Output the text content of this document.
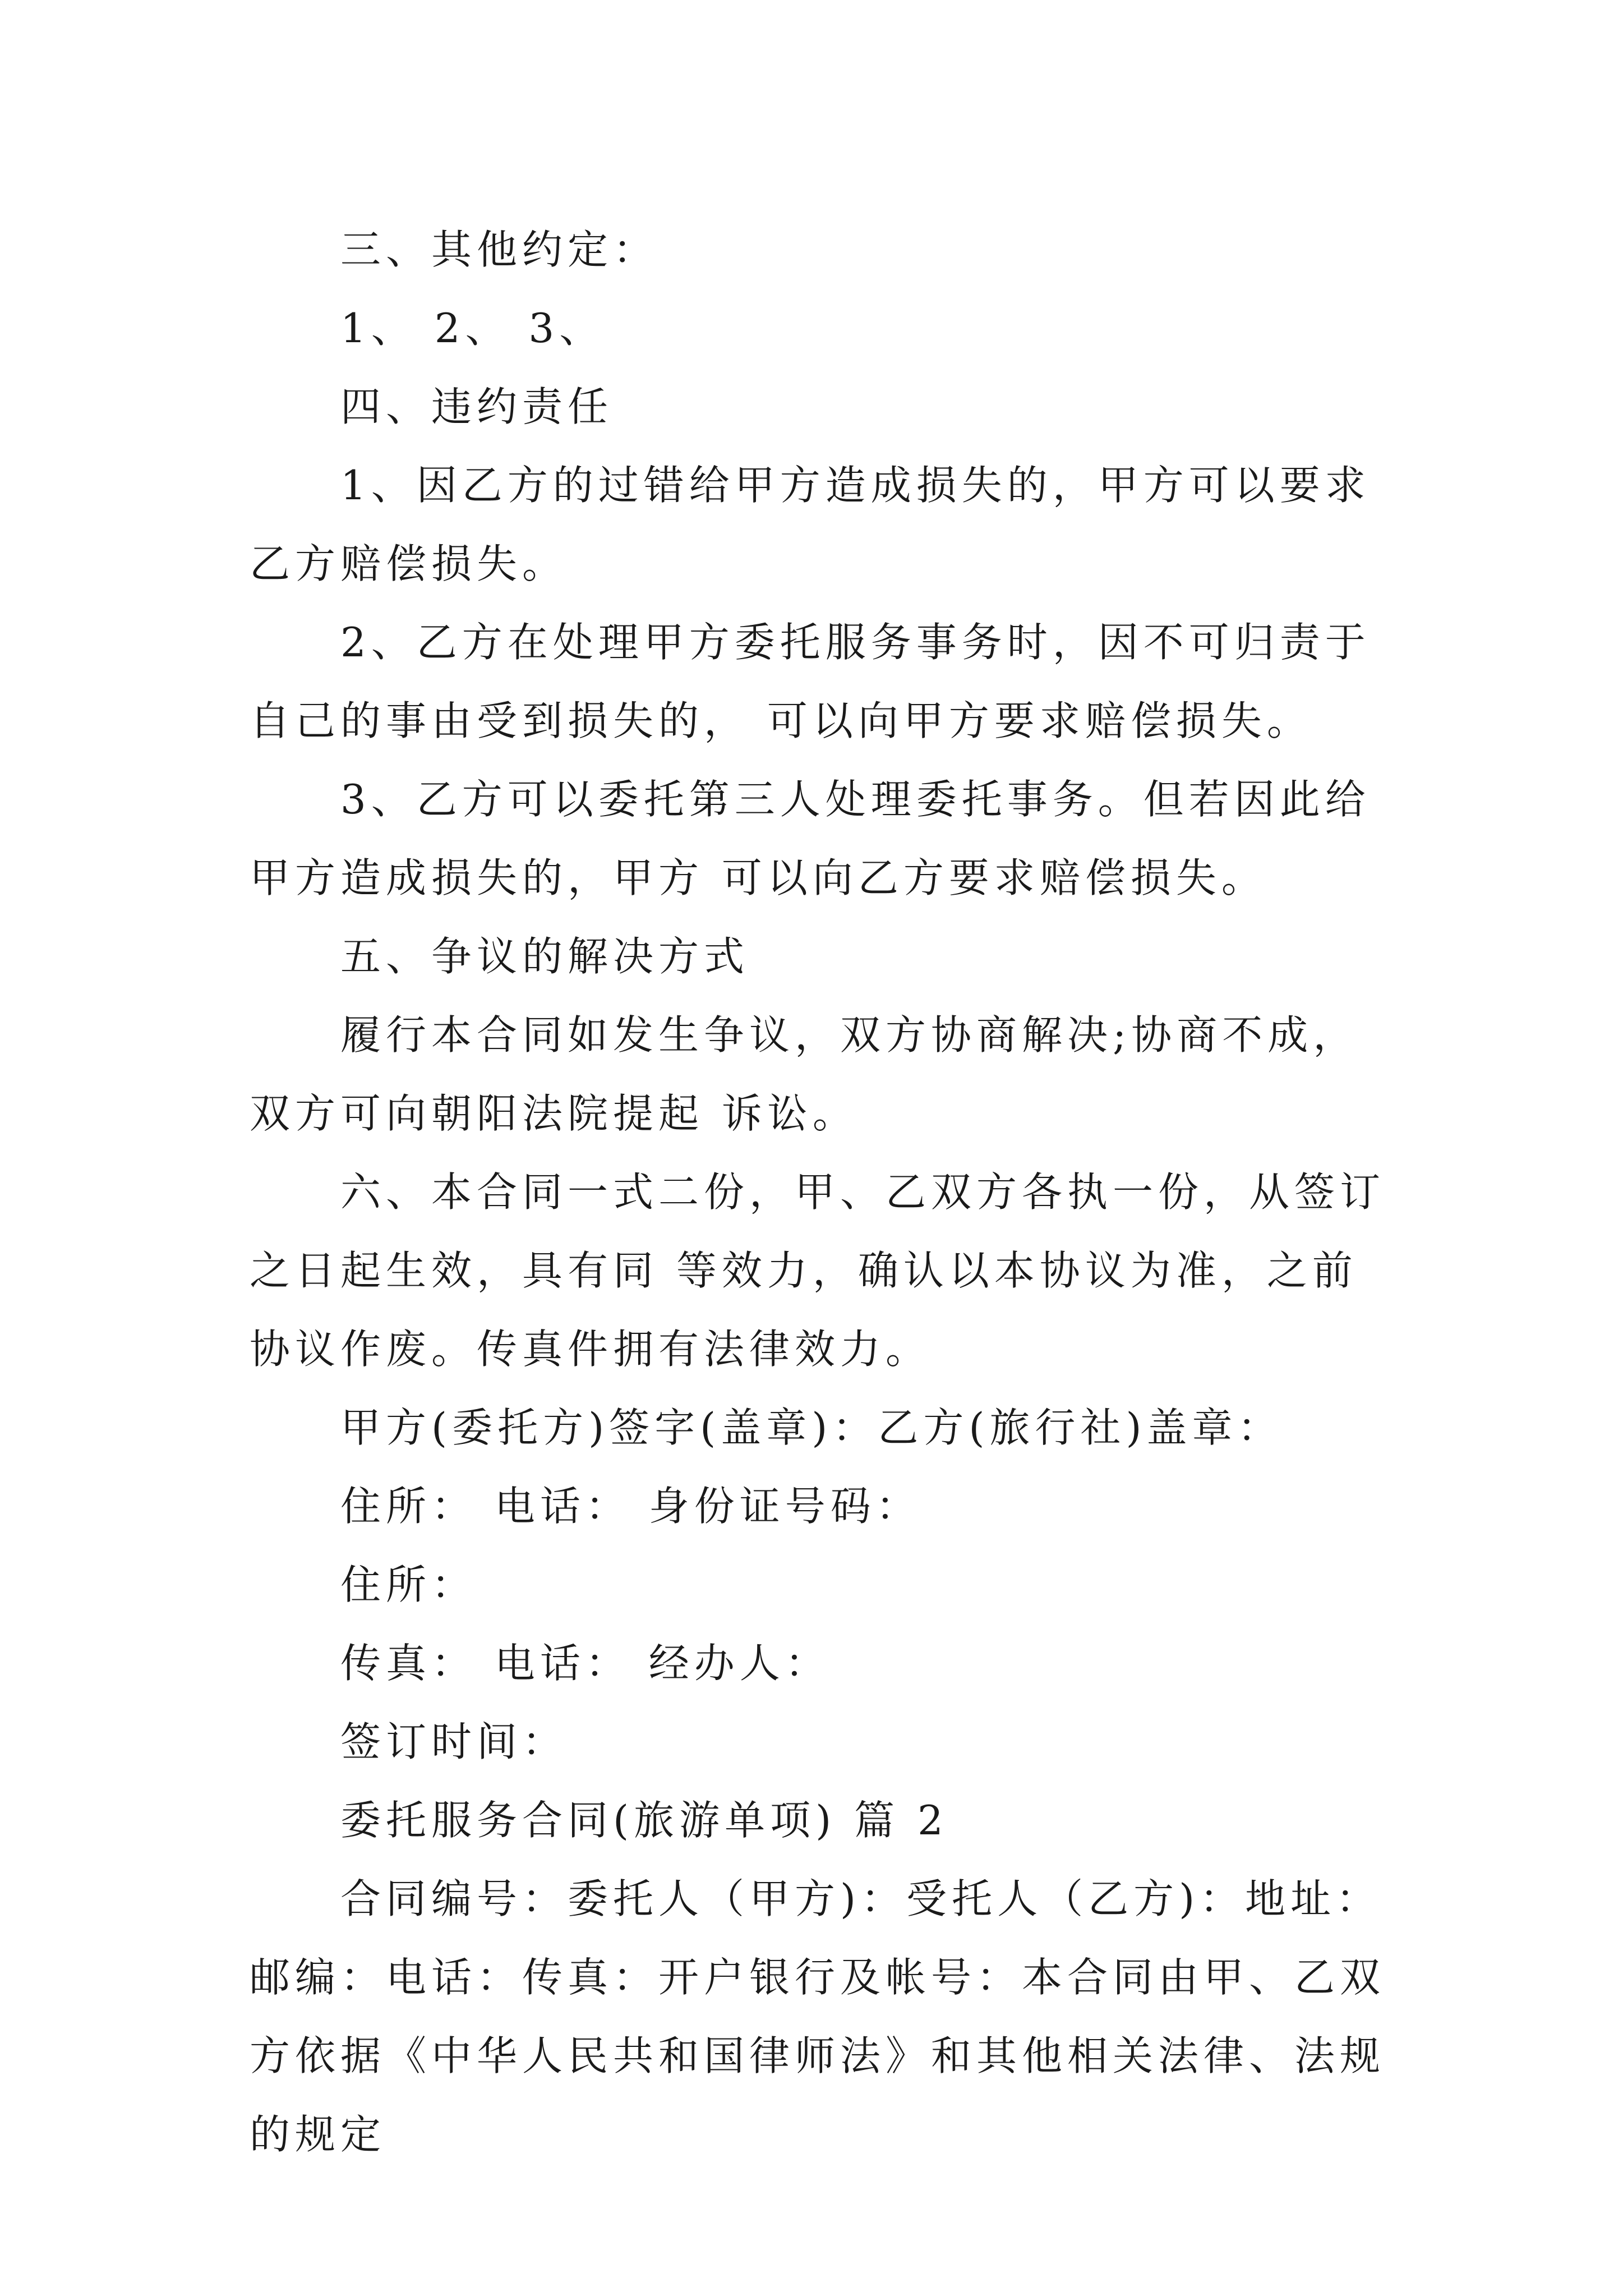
三、其他约定：

1、 2、 3、

四、违约责任

1、因乙方的过错给甲方造成损失的，甲方可以要求乙方赔偿损失。

2、乙方在处理甲方委托服务事务时，因不可归责于自己的事由受到损失的， 可以向甲方要求赔偿损失。

3、乙方可以委托第三人处理委托事务。但若因此给甲方造成损失的，甲方 可以向乙方要求赔偿损失。

五、争议的解决方式

履行本合同如发生争议，双方协商解决;协商不成，双方可向朝阳法院提起 诉讼。

六、本合同一式二份，甲、乙双方各执一份，从签订之日起生效，具有同 等效力，确认以本协议为准，之前协议作废。传真件拥有法律效力。

甲方(委托方)签字(盖章)：乙方(旅行社)盖章：

住所： 电话： 身份证号码：

住所：

传真： 电话： 经办人：

签订时间：

委托服务合同(旅游单项) 篇 2

合同编号：委托人（甲方)：受托人（乙方)：地址：邮编：电话：传真：开户银行及帐号：本合同由甲、乙双方依据《中华人民共和国律师法》和其他相关法律、法规的规定
